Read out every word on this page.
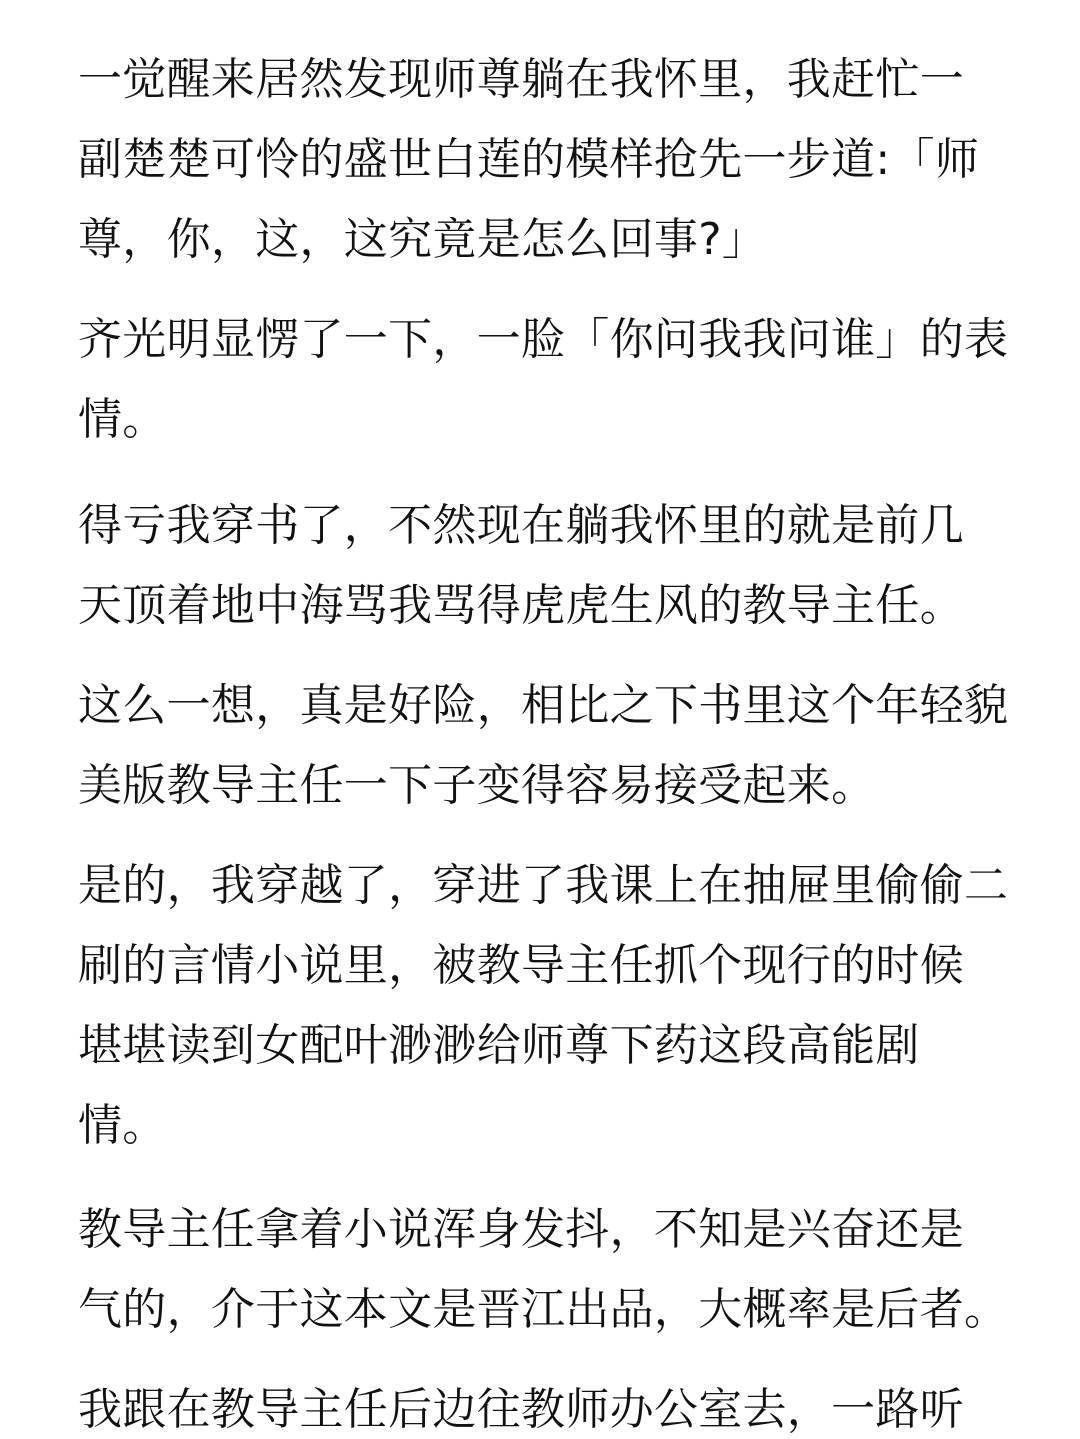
一觉醒来居然发现师尊躺在我怀里，我赶忙一
副楚楚可怜的盛世白莲的模样抢先一步道:「师
尊，你，这，这究竟是怎么回事?」
齐光明显愣了一下，一脸「你问我我问谁」的表
情。
得亏我穿书了，不然现在躺我怀里的就是前几
天顶着地中海骂我骂得虎虎生风的教导主任。
这么一想，真是好险，相比之下书里这个年轻貌
美版教导主任一下子变得容易接受起来。
是的，我穿越了，穿进了我课上在抽屉里偷偷二
刷的言情小说里，被教导主任抓个现行的时候
堪堪读到女配叶渺渺给师尊下药这段高能剧
情。
教导主任拿着小说浑身发抖，不知是兴奋还是
气的，介于这本文是晋江出品，大概率是后者。
我跟在教导主任后边往教师办公室去，一路听
